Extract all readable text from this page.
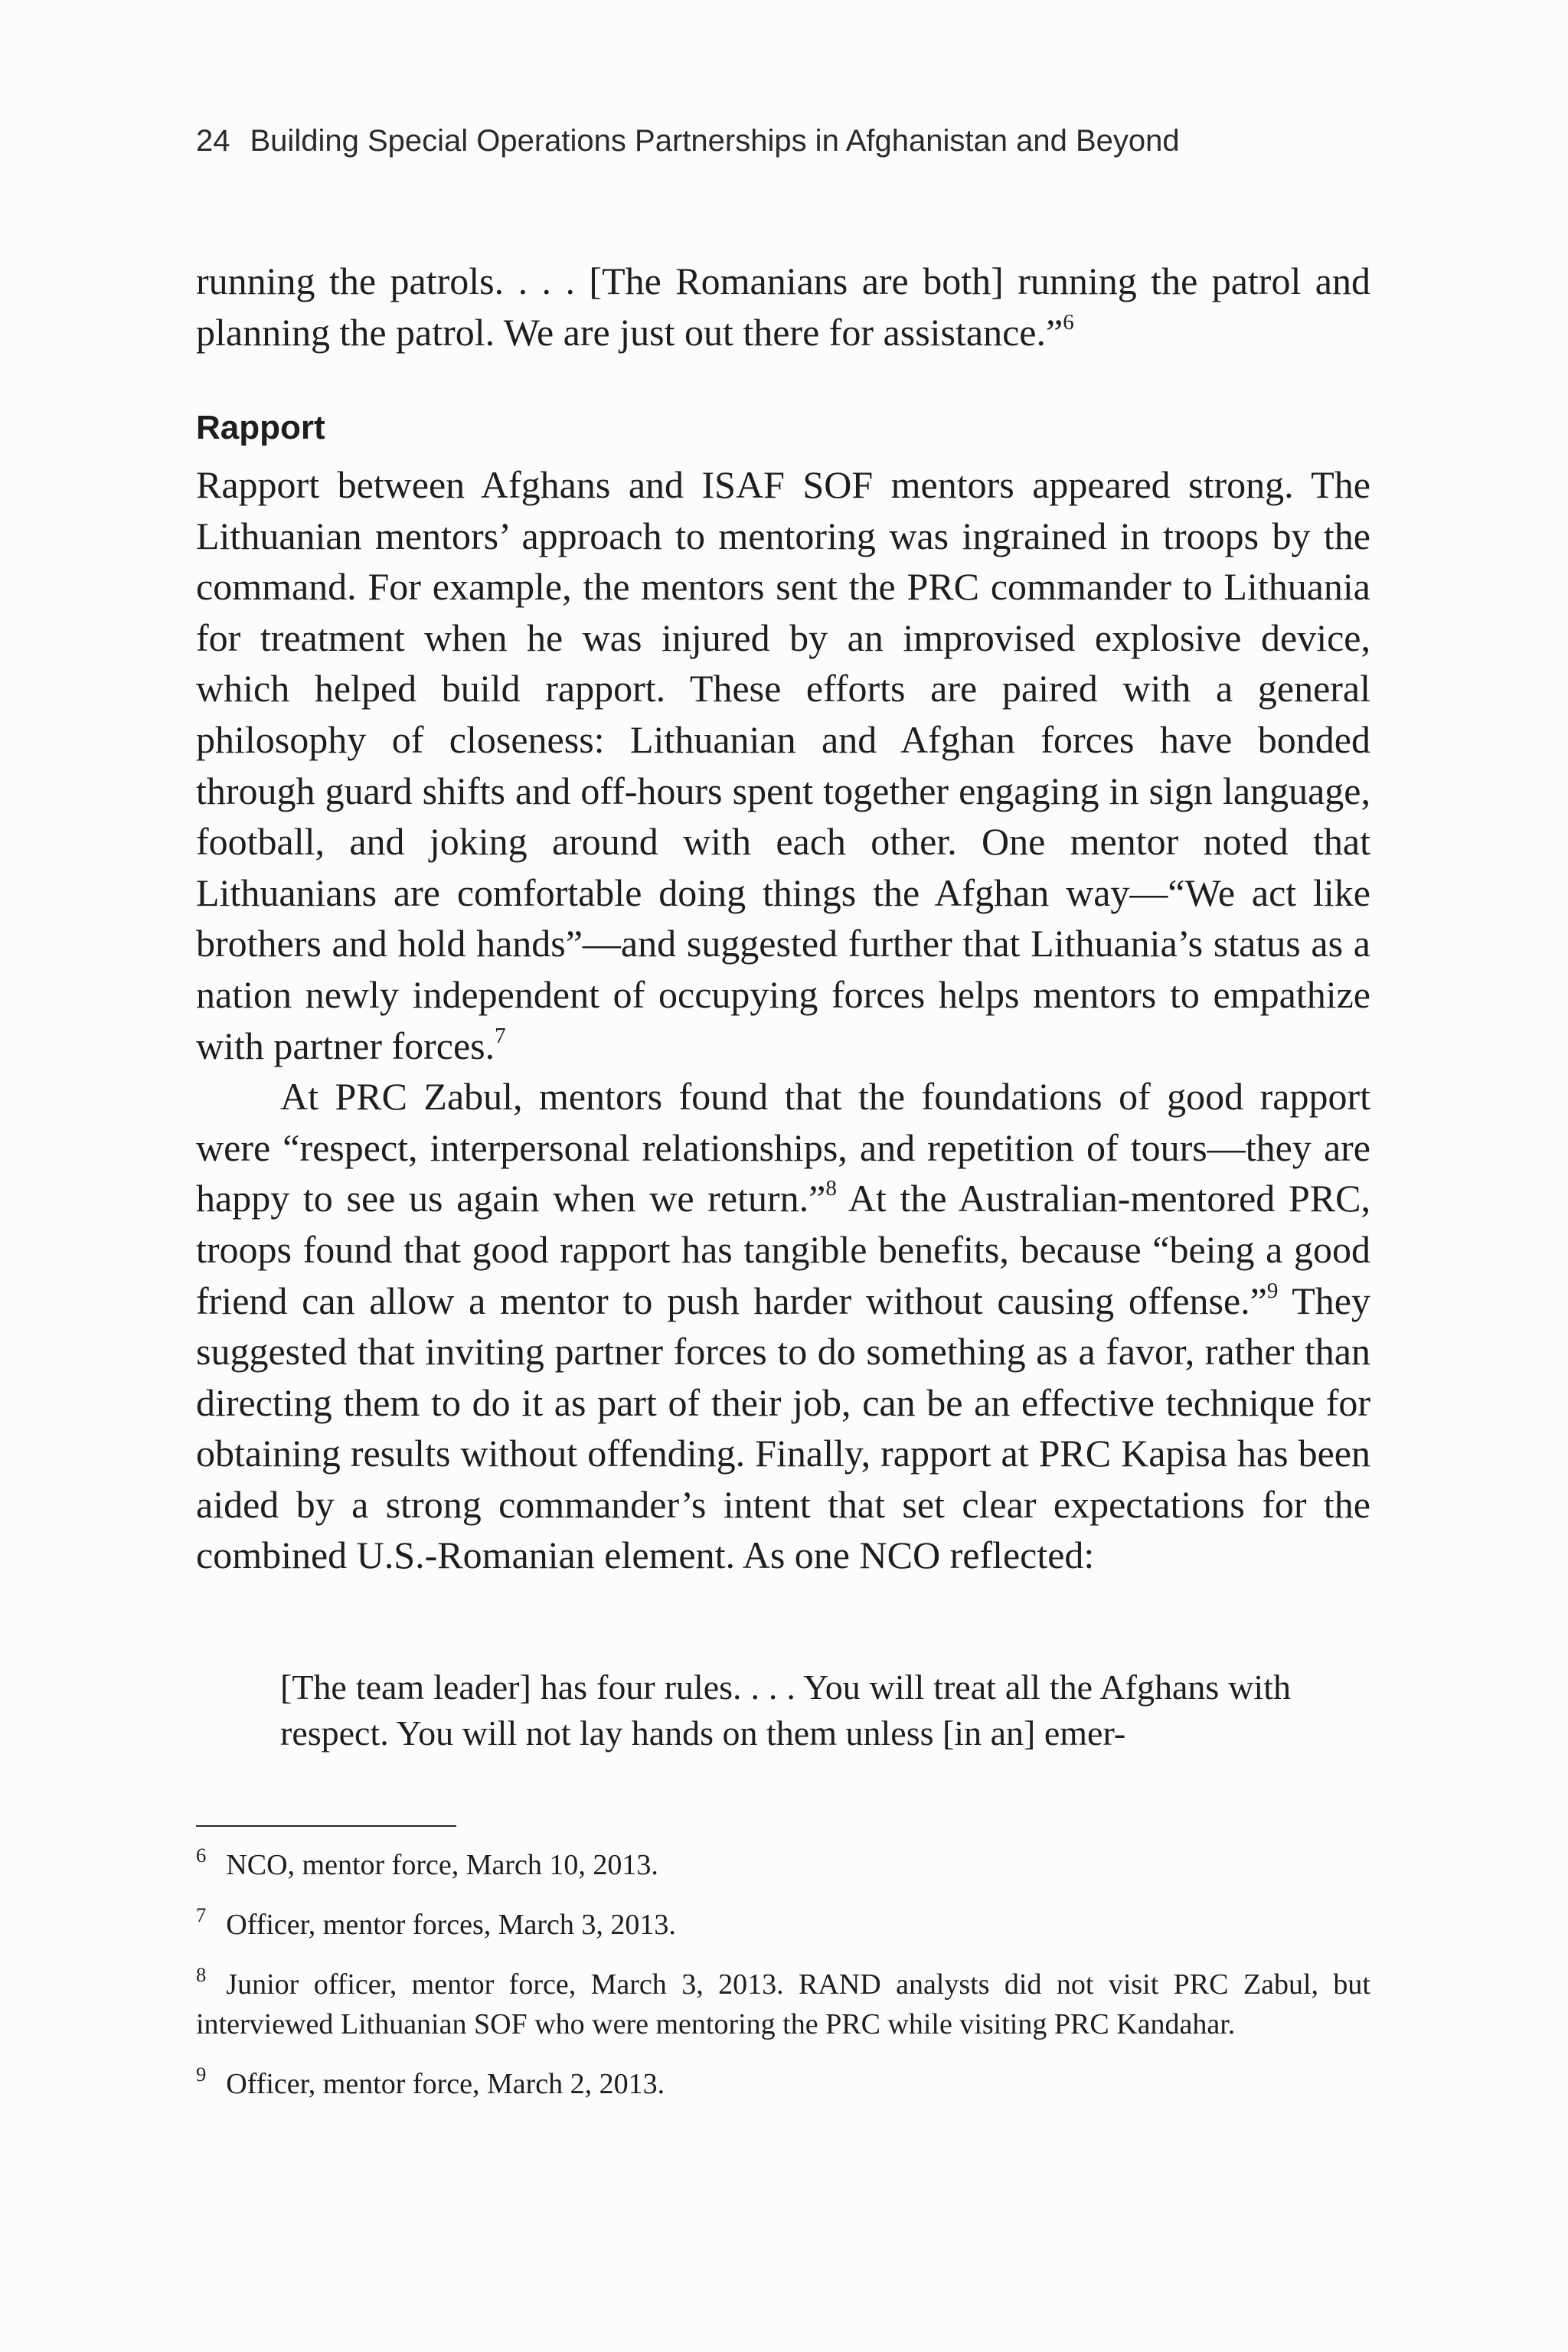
24 Building Special Operations Partnerships in Afghanistan and Beyond

running the patrols. . . . [The Romanians are both] running the patrol and planning the patrol. We are just out there for assistance.”$^6$

Rapport

Rapport between Afghans and ISAF SOF mentors appeared strong. The Lithuanian mentors’ approach to mentoring was ingrained in troops by the command. For example, the mentors sent the PRC commander to Lithuania for treatment when he was injured by an improvised explosive device, which helped build rapport. These efforts are paired with a general philosophy of closeness: Lithuanian and Afghan forces have bonded through guard shifts and off-hours spent together engaging in sign language, football, and joking around with each other. One mentor noted that Lithuanians are comfortable doing things the Afghan way—“We act like brothers and hold hands”—and suggested further that Lithuania’s status as a nation newly independent of occupying forces helps mentors to empathize with partner forces.$^7$

At PRC Zabul, mentors found that the foundations of good rapport were “respect, interpersonal relationships, and repetition of tours—they are happy to see us again when we return.”$^8$ At the Australian-mentored PRC, troops found that good rapport has tangible benefits, because “being a good friend can allow a mentor to push harder without causing offense.”$^9$ They suggested that inviting partner forces to do something as a favor, rather than directing them to do it as part of their job, can be an effective technique for obtaining results without offending. Finally, rapport at PRC Kapisa has been aided by a strong commander’s intent that set clear expectations for the combined U.S.-Romanian element. As one NCO reflected:

[The team leader] has four rules. . . . You will treat all the Afghans with respect. You will not lay hands on them unless [in an] emer-

$^6$ NCO, mentor force, March 10, 2013.

$^7$ Officer, mentor forces, March 3, 2013.

$^8$ Junior officer, mentor force, March 3, 2013. RAND analysts did not visit PRC Zabul, but interviewed Lithuanian SOF who were mentoring the PRC while visiting PRC Kandahar.

$^9$ Officer, mentor force, March 2, 2013.
